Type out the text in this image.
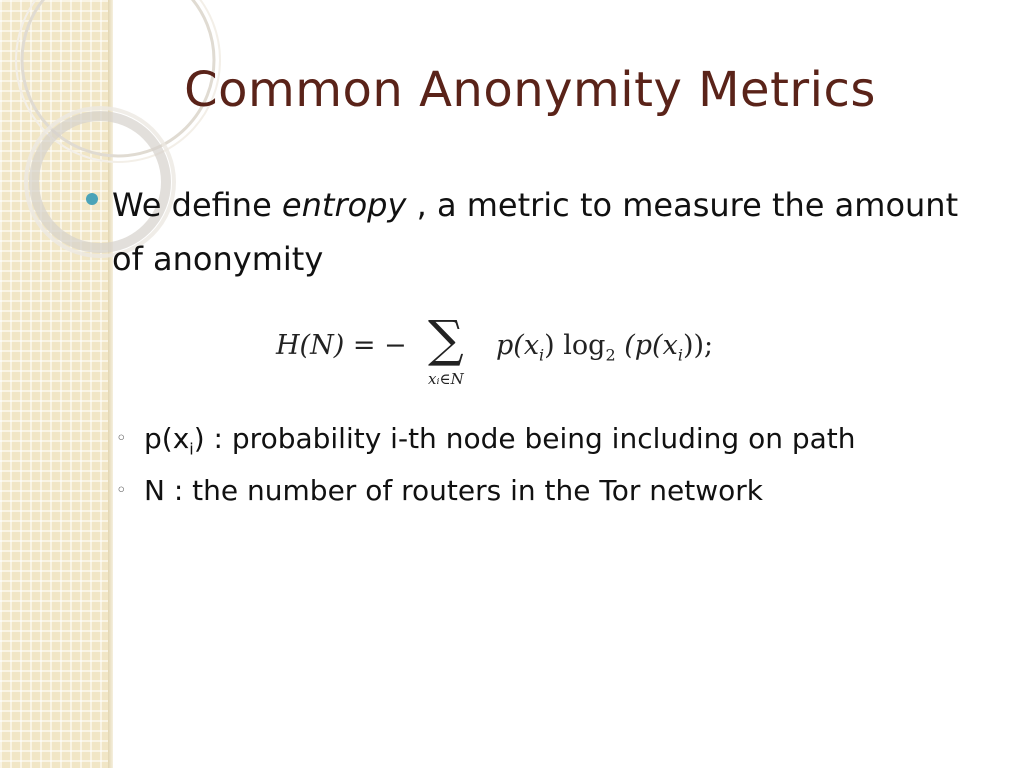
Common Anonymity Metrics
We define entropy , a metric to measure the amount of anonymity
H(N) = − ∑
xᵢ∈N
$p(x_i)$ $\log_2 (p(x_i))$;
◦ $p(x_i)$ : probability i-th node being including on path
◦ N : the number of routers in the Tor network
